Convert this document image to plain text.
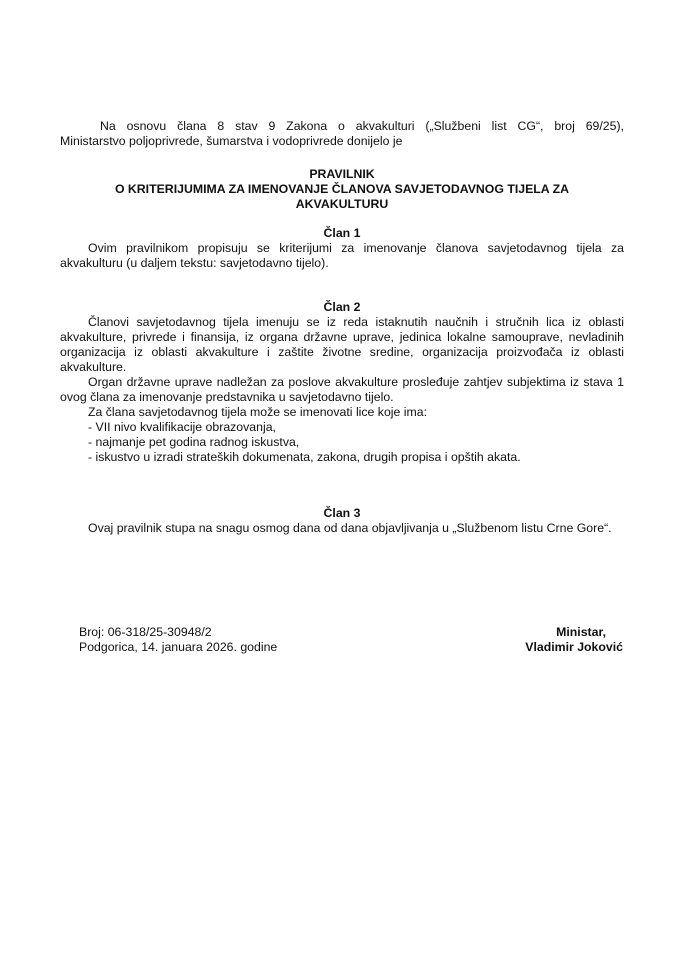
Na osnovu člana 8 stav 9 Zakona o akvakulturi („Službeni list CG“, broj 69/25),
Ministarstvo poljoprivrede, šumarstva i vodoprivrede donijelo je
PRAVILNIK
O KRITERIJUMIMA ZA IMENOVANJE ČLANOVA SAVJETODAVNOG TIJELA ZA
AKVAKULTURU
Član 1
Ovim pravilnikom propisuju se kriterijumi za imenovanje članova savjetodavnog tijela za akvakulturu (u daljem tekstu: savjetodavno tijelo).
Član 2
Članovi savjetodavnog tijela imenuju se iz reda istaknutih naučnih i stručnih lica iz oblasti akvakulture, privrede i finansija, iz organa državne uprave, jedinica lokalne samouprave, nevladinih organizacija iz oblasti akvakulture i zaštite životne sredine, organizacija proizvođača iz oblasti akvakulture.
Organ državne uprave nadležan za poslove akvakulture prosleđuje zahtjev subjektima iz stava 1 ovog člana za imenovanje predstavnika u savjetodavno tijelo.
Za člana savjetodavnog tijela može se imenovati lice koje ima:
- VII nivo kvalifikacije obrazovanja,
- najmanje pet godina radnog iskustva,
- iskustvo u izradi strateških dokumenata, zakona, drugih propisa i opštih akata.
Član 3
Ovaj pravilnik stupa na snagu osmog dana od dana objavljivanja u „Službenom listu Crne Gore“.
Broj: 06-318/25-30948/2
Podgorica, 14. januara 2026. godine
Ministar,
Vladimir Joković
